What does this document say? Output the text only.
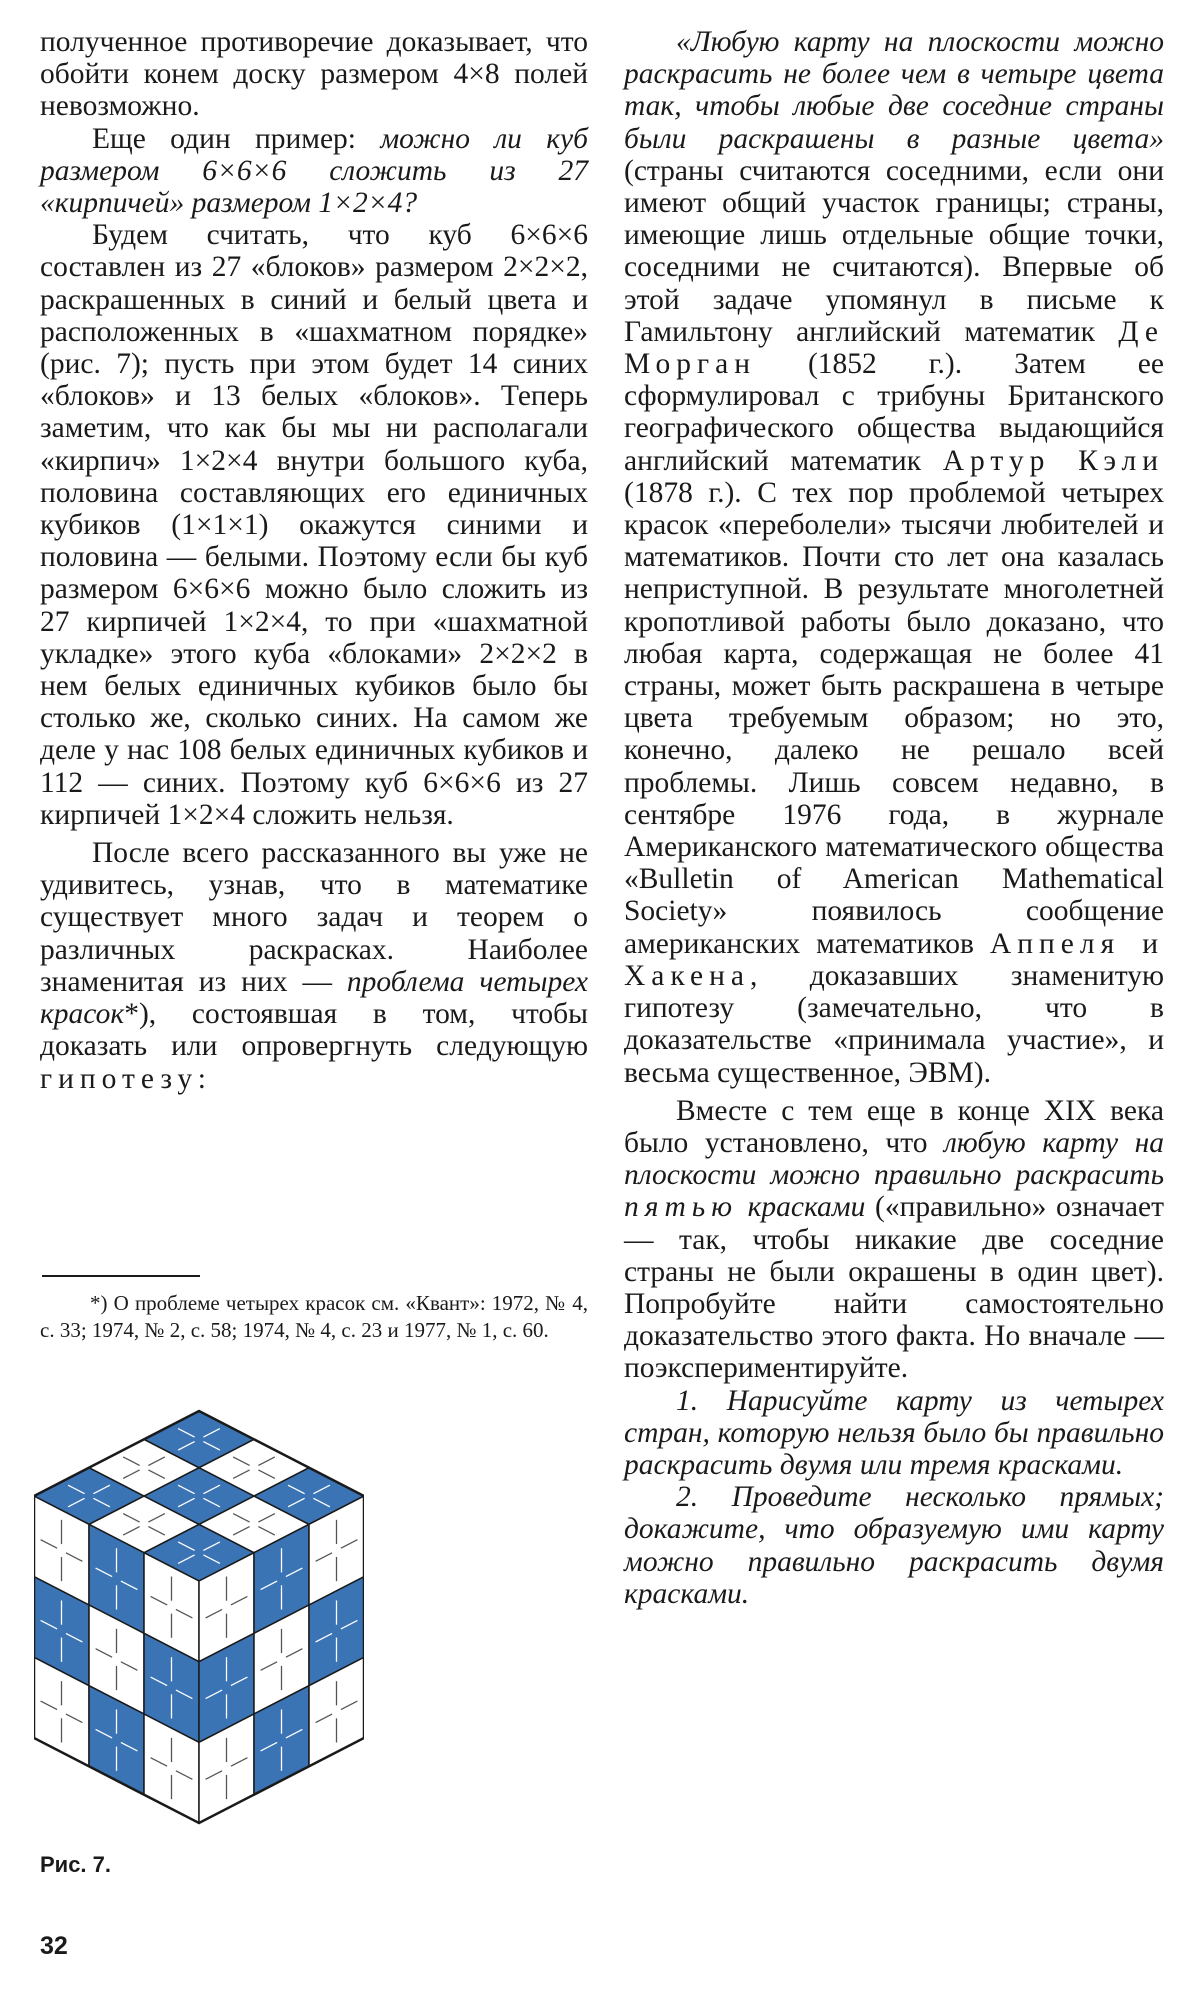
полученное противоречие доказывает, что обойти конем доску размером 4×8 полей невозможно.

Еще один пример: можно ли куб размером 6×6×6 сложить из 27 «кирпичей» размером 1×2×4?

Будем считать, что куб 6×6×6 составлен из 27 «блоков» размером 2×2×2, раскрашенных в синий и белый цвета и расположенных в «шахматном порядке» (рис. 7); пусть при этом будет 14 синих «блоков» и 13 белых «блоков». Теперь заметим, что как бы мы ни располагали «кирпич» 1×2×4 внутри большого куба, половина составляющих его единичных кубиков (1×1×1) окажутся синими и половина — белыми. Поэтому если бы куб размером 6×6×6 можно было сложить из 27 кирпичей 1×2×4, то при «шахматной укладке» этого куба «блоками» 2×2×2 в нем белых единичных кубиков было бы столько же, сколько синих. На самом же деле у нас 108 белых единичных кубиков и 112 — синих. Поэтому куб 6×6×6 из 27 кирпичей 1×2×4 сложить нельзя.

После всего рассказанного вы уже не удивитесь, узнав, что в математике существует много задач и теорем о различных раскрасках. Наиболее знаменитая из них — проблема четырех красок*), состоявшая в том, чтобы доказать или опровергнуть следующую гипотезу:

*) О проблеме четырех красок см. «Квант»: 1972, № 4, с. 33; 1974, № 2, с. 58; 1974, № 4, с. 23 и 1977, № 1, с. 60.

Рис. 7.

«Любую карту на плоскости можно раскрасить не более чем в четыре цвета так, чтобы любые две соседние страны были раскрашены в разные цвета» (страны считаются соседними, если они имеют общий участок границы; страны, имеющие лишь отдельные общие точки, соседними не считаются). Впервые об этой задаче упомянул в письме к Гамильтону английский математик Де Морган (1852 г.). Затем ее сформулировал с трибуны Британского географического общества выдающийся английский математик Артур Кэли (1878 г.). С тех пор проблемой четырех красок «переболели» тысячи любителей и математиков. Почти сто лет она казалась неприступной. В результате многолетней кропотливой работы было доказано, что любая карта, содержащая не более 41 страны, может быть раскрашена в четыре цвета требуемым образом; но это, конечно, далеко не решало всей проблемы. Лишь совсем недавно, в сентябре 1976 года, в журнале Американского математического общества «Bulletin of American Mathematical Society» появилось сообщение американских математиков Аппеля и Хакена, доказавших знаменитую гипотезу (замечательно, что в доказательстве «принимала участие», и весьма существенное, ЭВМ).

Вместе с тем еще в конце XIX века было установлено, что любую карту на плоскости можно правильно раскрасить пятью красками («правильно» означает — так, чтобы никакие две соседние страны не были окрашены в один цвет). Попробуйте найти самостоятельно доказательство этого факта. Но вначале — поэкспериментируйте.

1. Нарисуйте карту из четырех стран, которую нельзя было бы правильно раскрасить двумя или тремя красками.

2. Проведите несколько прямых; докажите, что образуемую ими карту можно правильно раскрасить двумя красками.

32
